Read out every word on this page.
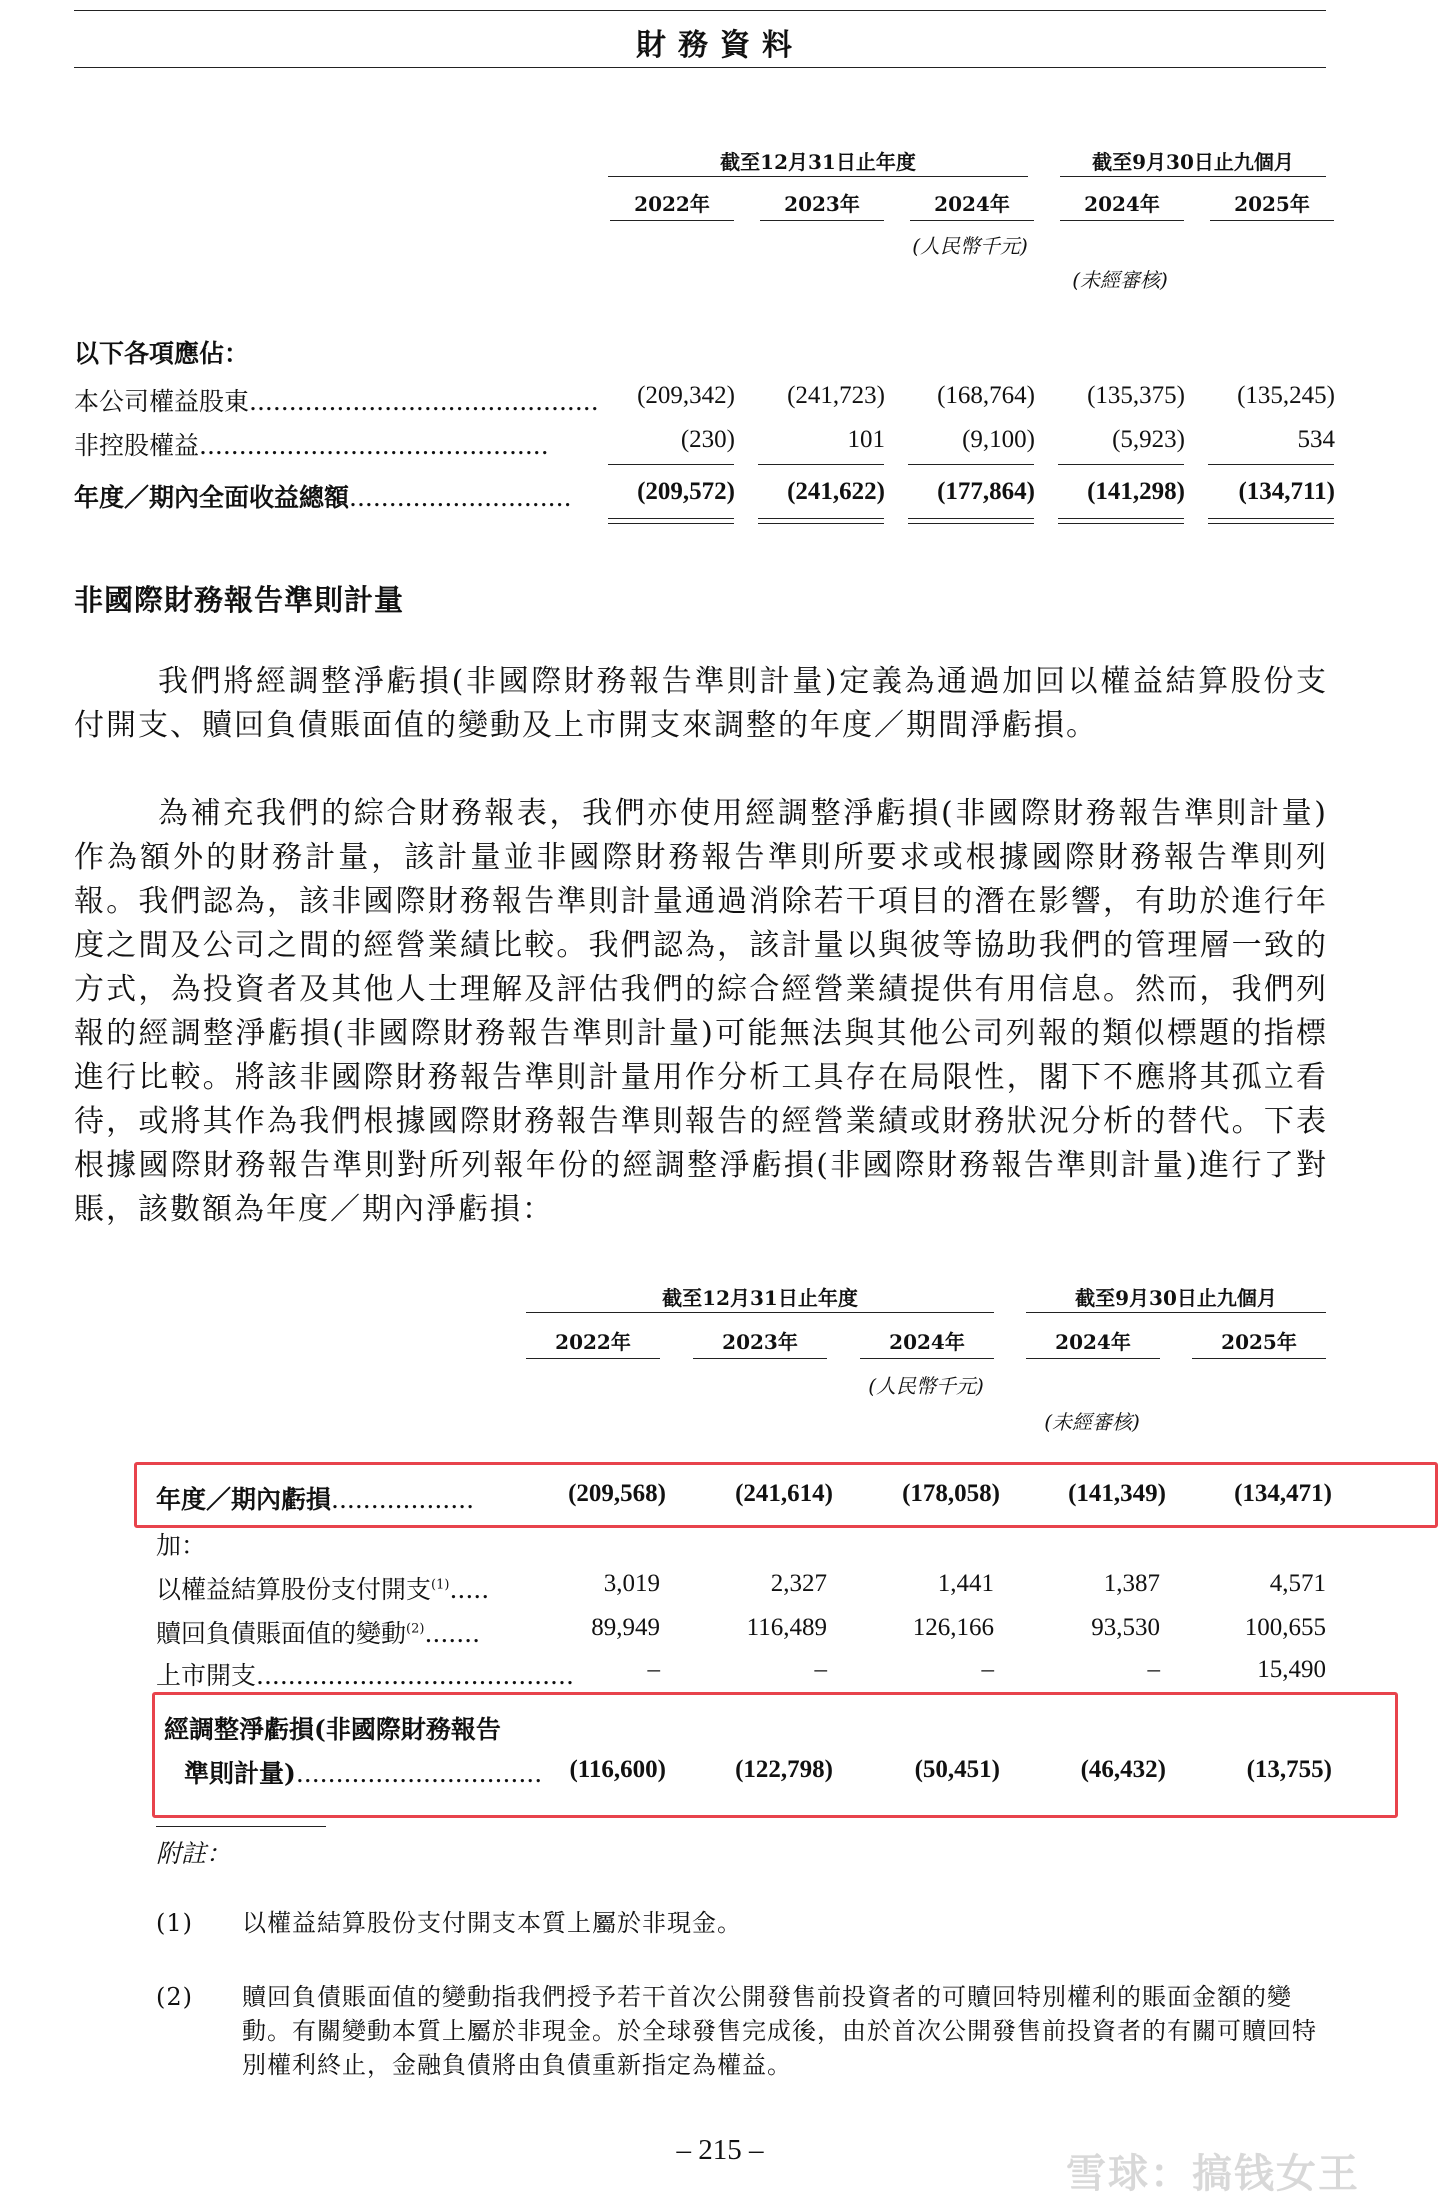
財務資料
截至12月31日止年度	截至9月30日止九個月
2022年	2023年	2024年	2024年	2025年
(人民幣千元)
(未經審核)
以下各項應佔：
本公司權益股東............................................	(209,342)	(241,723)	(168,764)	(135,375)	(135,245)
非控股權益............................................	(230)	101	(9,100)	(5,923)	534
年度／期內全面收益總額............................	(209,572)	(241,622)	(177,864)	(141,298)	(134,711)
非國際財務報告準則計量
我們將經調整淨虧損(非國際財務報告準則計量)定義為通過加回以權益結算股份支付開支、贖回負債賬面值的變動及上市開支來調整的年度／期間淨虧損。
為補充我們的綜合財務報表，我們亦使用經調整淨虧損(非國際財務報告準則計量)作為額外的財務計量，該計量並非國際財務報告準則所要求或根據國際財務報告準則列報。我們認為，該非國際財務報告準則計量通過消除若干項目的潛在影響，有助於進行年度之間及公司之間的經營業績比較。我們認為，該計量以與彼等協助我們的管理層一致的方式，為投資者及其他人士理解及評估我們的綜合經營業績提供有用信息。然而，我們列報的經調整淨虧損(非國際財務報告準則計量)可能無法與其他公司列報的類似標題的指標進行比較。將該非國際財務報告準則計量用作分析工具存在局限性，閣下不應將其孤立看待，或將其作為我們根據國際財務報告準則報告的經營業績或財務狀況分析的替代。下表根據國際財務報告準則對所列報年份的經調整淨虧損(非國際財務報告準則計量)進行了對賬，該數額為年度／期內淨虧損：
截至12月31日止年度	截至9月30日止九個月
2022年	2023年	2024年	2024年	2025年
(人民幣千元)
(未經審核)
年度／期內虧損..................	(209,568)	(241,614)	(178,058)	(141,349)	(134,471)
加：
以權益結算股份支付開支$^{(1)}$.....	3,019	2,327	1,441	1,387	4,571
贖回負債賬面值的變動$^{(2)}$.......	89,949	116,489	126,166	93,530	100,655
上市開支........................................	–	–	–	–	15,490
經調整淨虧損(非國際財務報告
準則計量)...............................	(116,600)	(122,798)	(50,451)	(46,432)	(13,755)
附註：
(1) 以權益結算股份支付開支本質上屬於非現金。
(2) 贖回負債賬面值的變動指我們授予若干首次公開發售前投資者的可贖回特別權利的賬面金額的變動。有關變動本質上屬於非現金。於全球發售完成後，由於首次公開發售前投資者的有關可贖回特別權利終止，金融負債將由負債重新指定為權益。
– 215 –
雪球：搞钱女王
